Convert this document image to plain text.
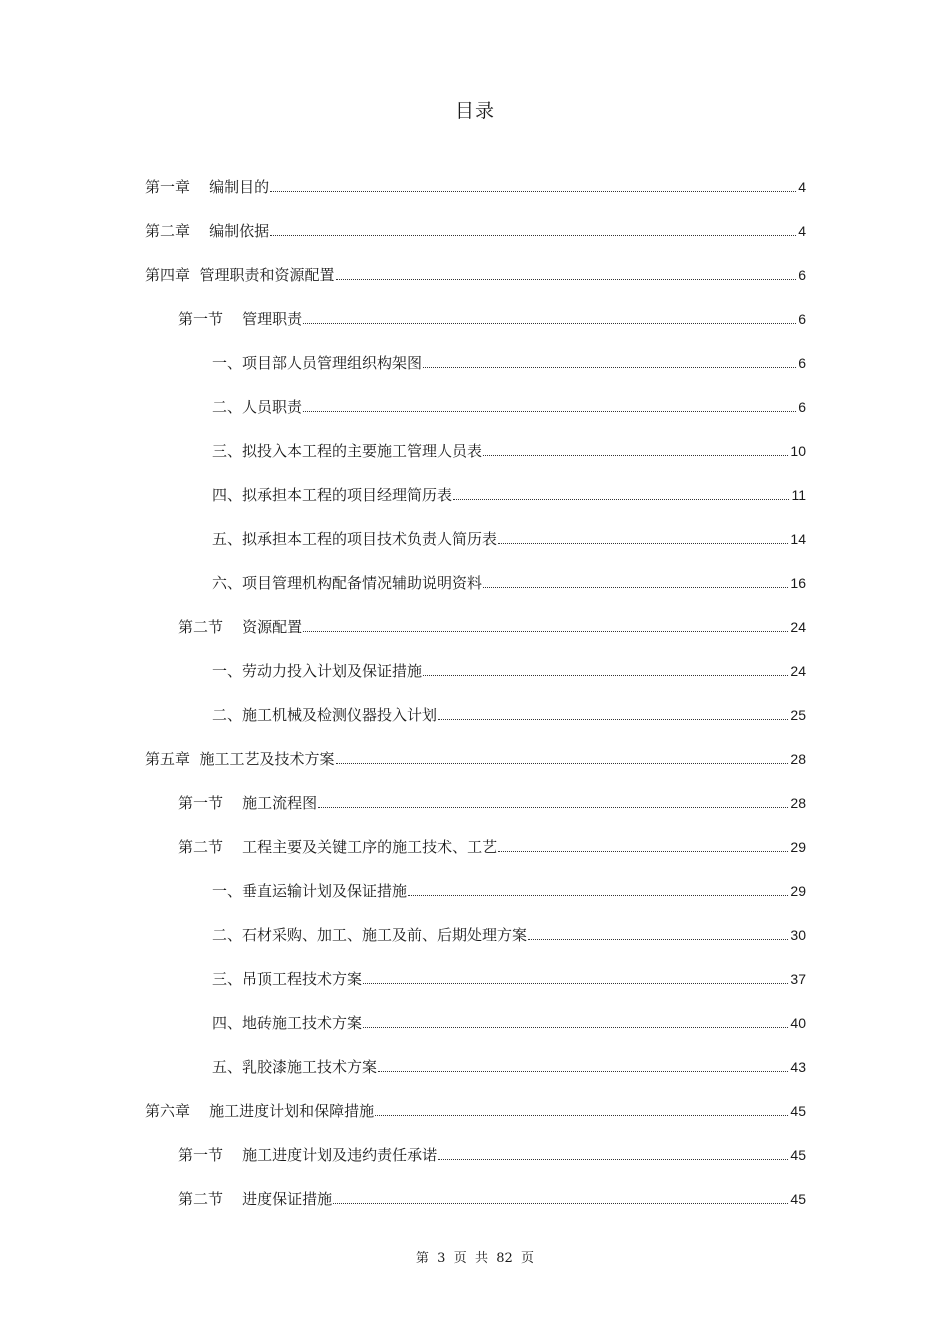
目录
第一章    编制目的	4
第二章    编制依据	4
第四章  管理职责和资源配置	6
第一节    管理职责	6
一、项目部人员管理组织构架图	6
二、人员职责	6
三、拟投入本工程的主要施工管理人员表	10
四、拟承担本工程的项目经理简历表	11
五、拟承担本工程的项目技术负责人简历表	14
六、项目管理机构配备情况辅助说明资料	16
第二节    资源配置	24
一、劳动力投入计划及保证措施	24
二、施工机械及检测仪器投入计划	25
第五章  施工工艺及技术方案	28
第一节    施工流程图	28
第二节    工程主要及关键工序的施工技术、工艺	29
一、垂直运输计划及保证措施	29
二、石材采购、加工、施工及前、后期处理方案	30
三、吊顶工程技术方案	37
四、地砖施工技术方案	40
五、乳胶漆施工技术方案	43
第六章    施工进度计划和保障措施	45
第一节    施工进度计划及违约责任承诺	45
第二节    进度保证措施	45
第  3  页  共  82  页
